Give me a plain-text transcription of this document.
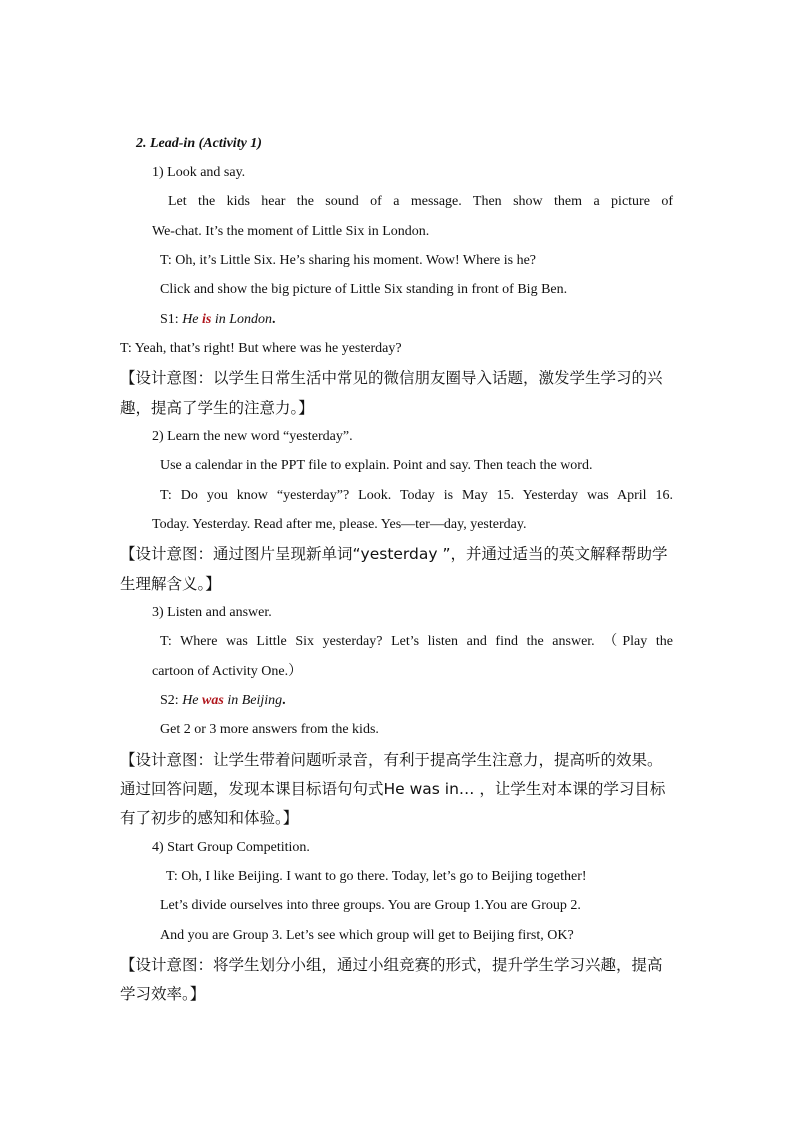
2. Lead-in (Activity 1)
1) Look and say.
Let the kids hear the sound of a message. Then show them a picture of
We-chat. It’s the moment of Little Six in London.
T: Oh, it’s Little Six. He’s sharing his moment. Wow! Where is he?
Click and show the big picture of Little Six standing in front of Big Ben.
S1: He is in London.
T: Yeah, that’s right! But where was he yesterday?
【设计意图：以学生日常生活中常见的微信朋友圈导入话题，激发学生学习的兴
趣，提高了学生的注意力。】
2) Learn the new word “yesterday”.
Use a calendar in the PPT file to explain. Point and say. Then teach the word.
T: Do you know “yesterday”? Look. Today is May 15. Yesterday was April 16.
Today. Yesterday. Read after me, please. Yes—ter—day, yesterday.
【设计意图：通过图片呈现新单词“yesterday ”，并通过适当的英文解释帮助学
生理解含义。】
3) Listen and answer.
T: Where was Little Six yesterday? Let’s listen and find the answer. （Play the
cartoon of Activity One.）
S2: He was in Beijing.
Get 2 or 3 more answers from the kids.
【设计意图：让学生带着问题听录音，有利于提高学生注意力，提高听的效果。
通过回答问题，发现本课目标语句句式He was in… ，让学生对本课的学习目标
有了初步的感知和体验。】
4) Start Group Competition.
T: Oh, I like Beijing. I want to go there. Today, let’s go to Beijing together!
Let’s divide ourselves into three groups. You are Group 1.You are Group 2.
And you are Group 3. Let’s see which group will get to Beijing first, OK?
【设计意图：将学生划分小组，通过小组竞赛的形式，提升学生学习兴趣，提高
学习效率。】
